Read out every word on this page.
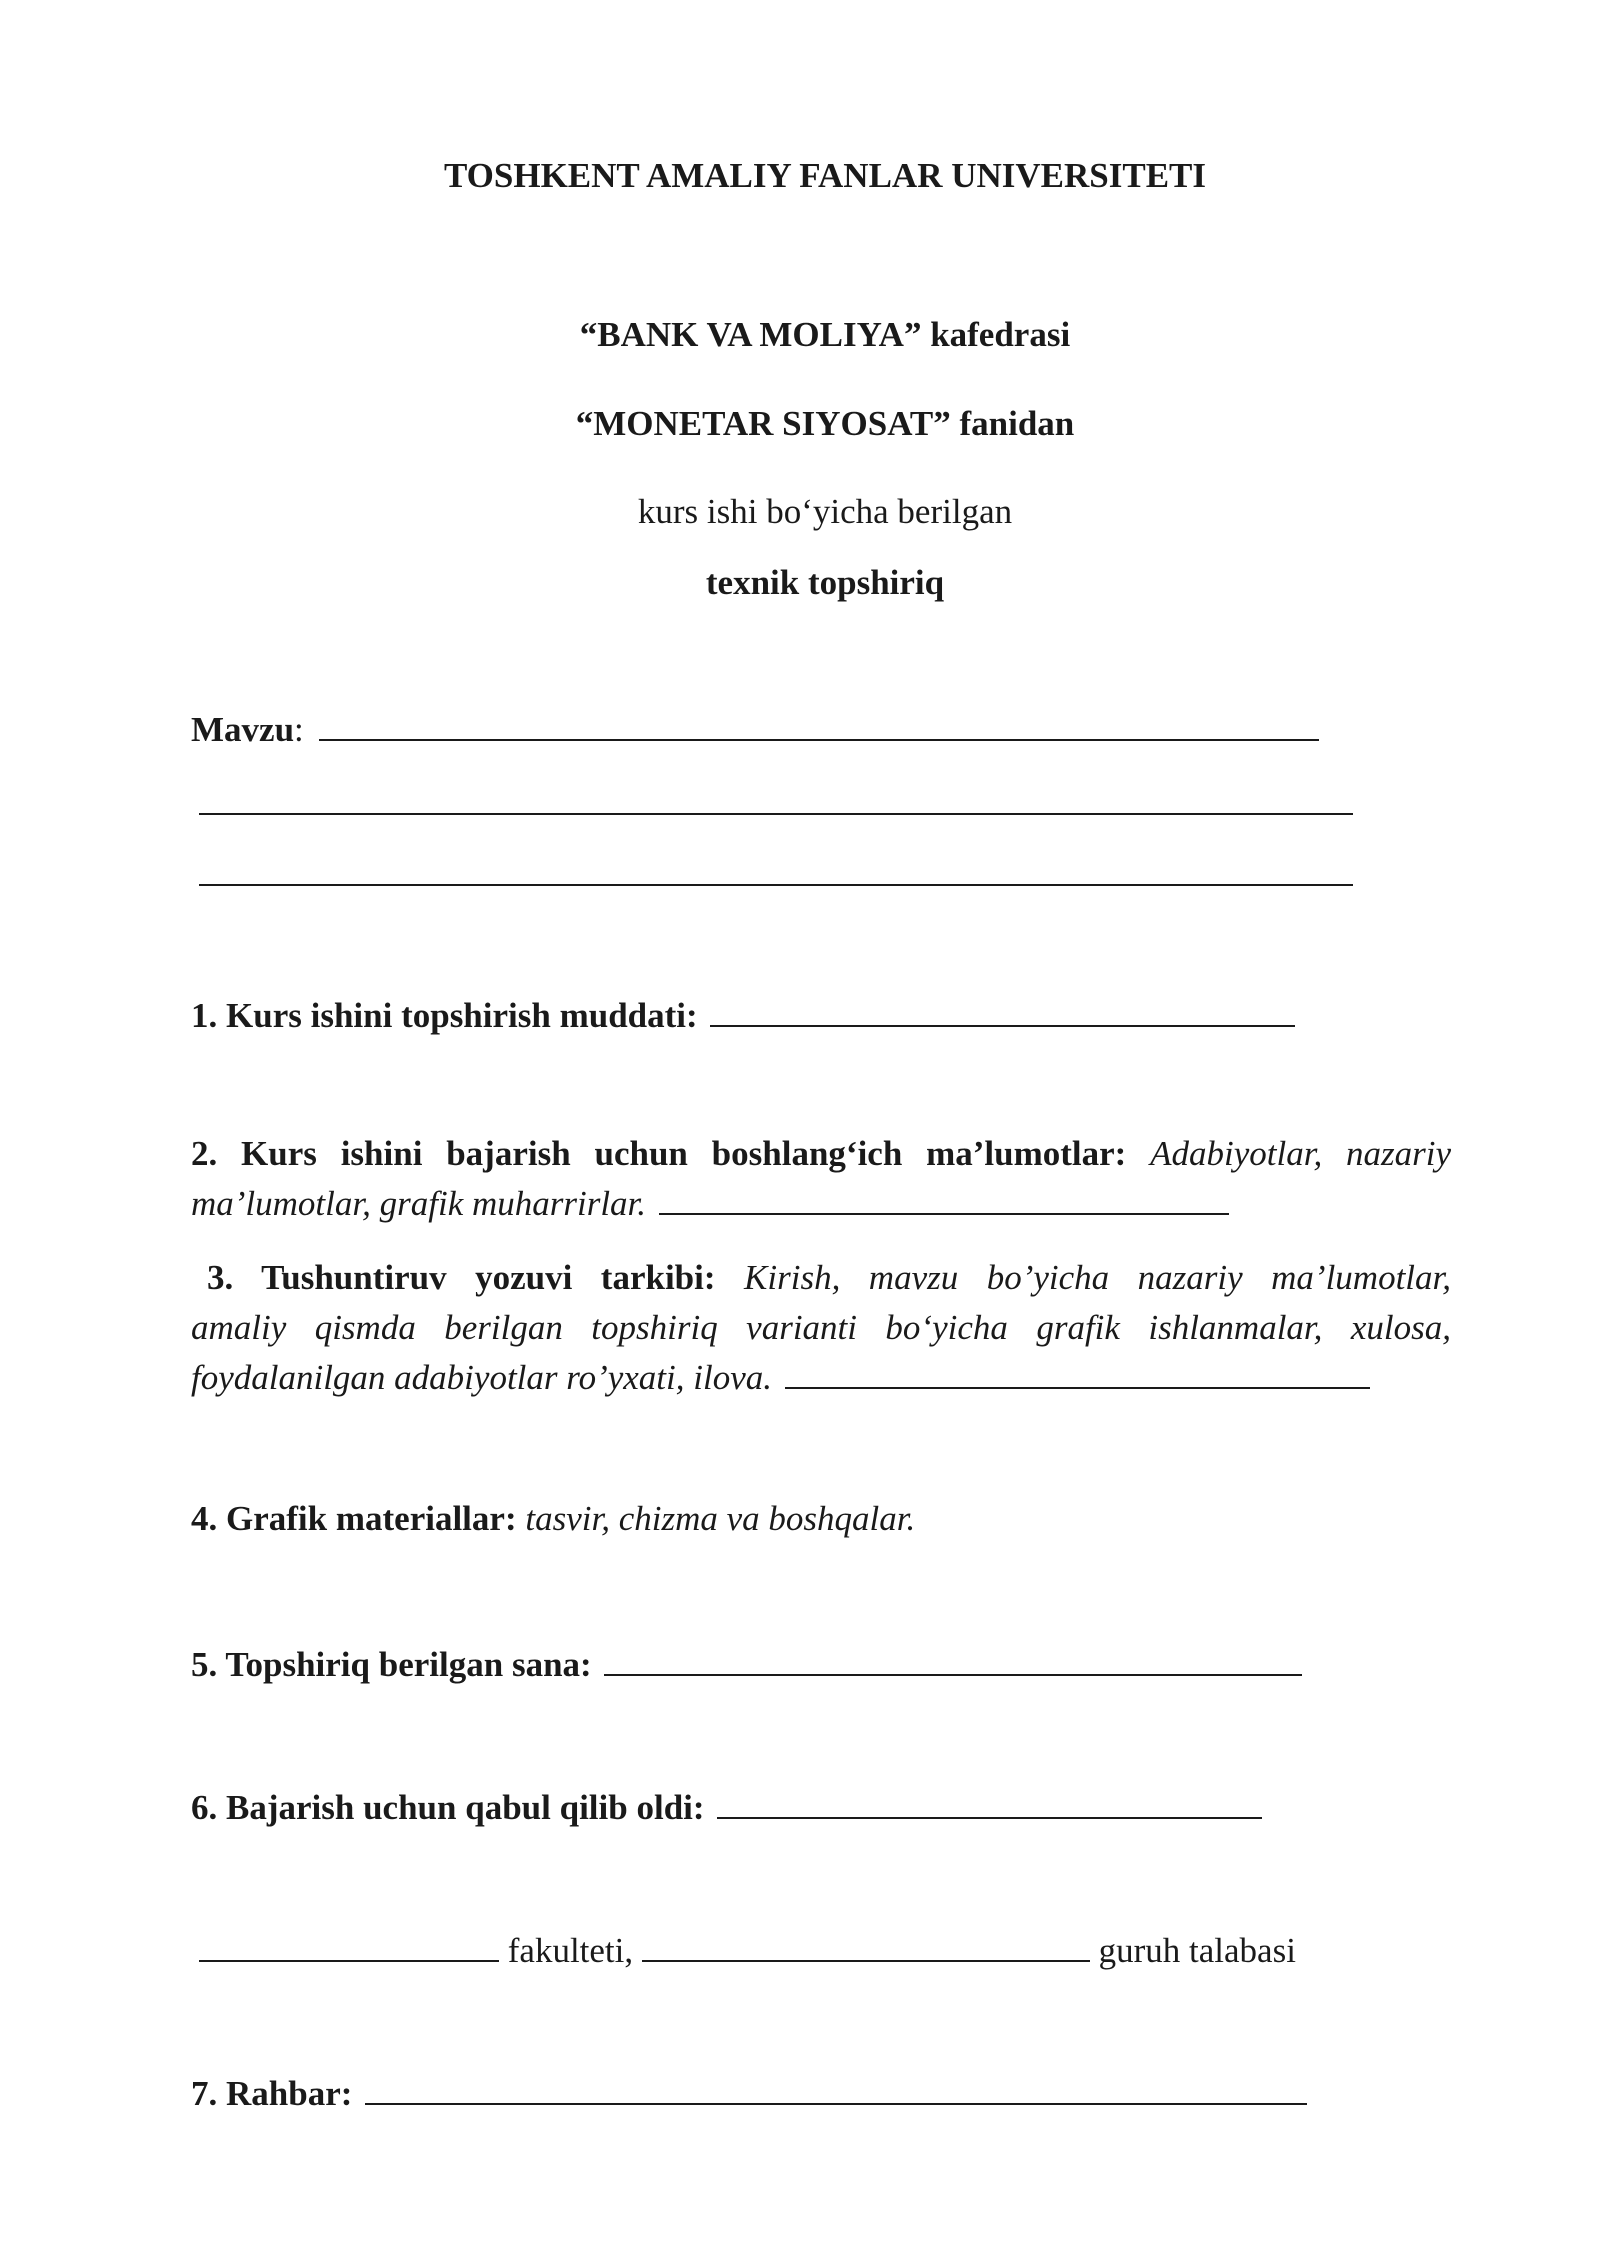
TOSHKENT AMALIY FANLAR UNIVERSITETI
“BANK VA MOLIYA” kafedrasi
“MONETAR SIYOSAT” fanidan
kurs ishi bo‘yicha berilgan
texnik topshiriq
Mavzu:
1. Kurs ishini topshirish muddati:
2. Kurs ishini bajarish uchun boshlang‘ich ma’lumotlar: Adabiyotlar, nazariy
ma’lumotlar, grafik muharrirlar.
3. Tushuntiruv yozuvi tarkibi: Kirish, mavzu bo’yicha nazariy ma’lumotlar,
amaliy qismda berilgan topshiriq varianti bo‘yicha grafik ishlanmalar, xulosa,
foydalanilgan adabiyotlar ro’yxati, ilova.
4. Grafik materiallar: tasvir, chizma va boshqalar.
5. Topshiriq berilgan sana:
6. Bajarish uchun qabul qilib oldi:
fakulteti,	guruh talabasi
7. Rahbar:
